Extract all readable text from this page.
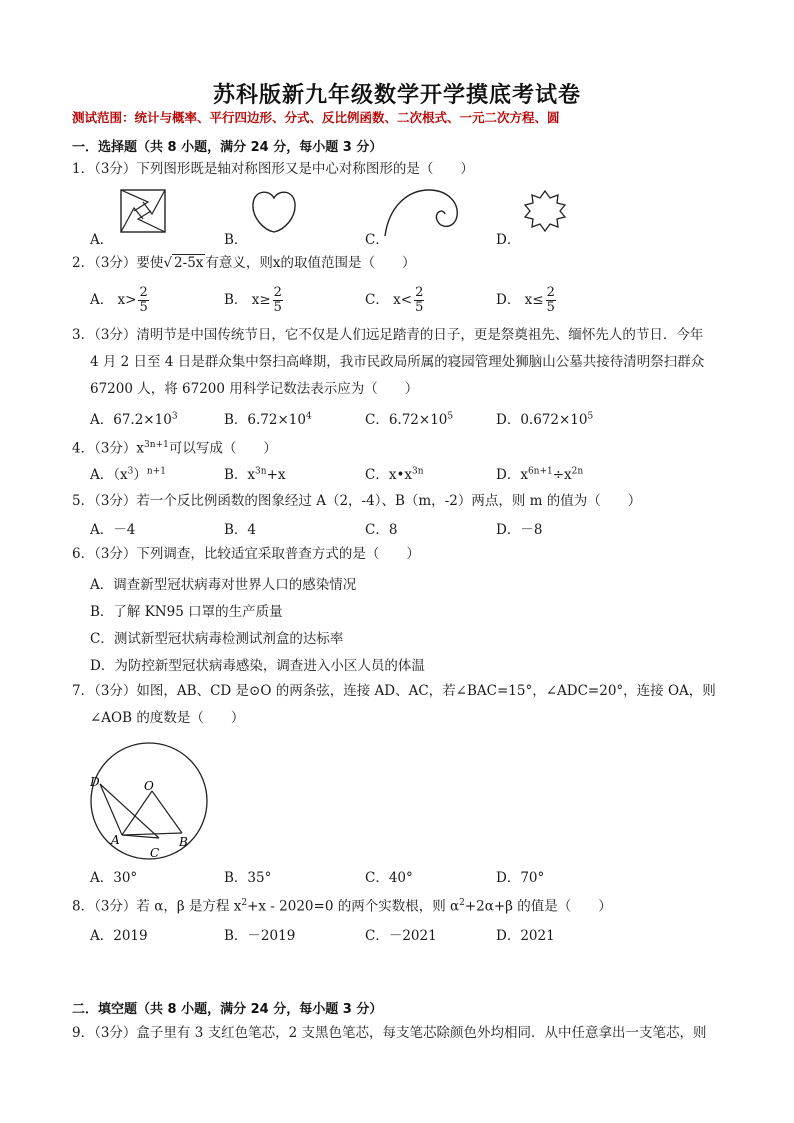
苏科版新九年级数学开学摸底考试卷
测试范围：统计与概率、平行四边形、分式、反比例函数、二次根式、一元二次方程、圆
一．选择题（共 8 小题，满分 24 分，每小题 3 分）
1．（3分）下列图形既是轴对称图形又是中心对称图形的是（　　）
A．	B．	C．	D．
2．（3分）要使√ 2-5x 有意义，则x的取值范围是（　　）
A． $x> \frac{2}{5}$	B． $x\ge \frac{2}{5}$	C． $x< \frac{2}{5}$	D． $x\le \frac{2}{5}$
3．（3分）清明节是中国传统节日，它不仅是人们远足踏青的日子，更是祭奠祖先、缅怀先人的节日．今年
4 月 2 日至 4 日是群众集中祭扫高峰期，我市民政局所属的寝园管理处狮脑山公墓共接待清明祭扫群众
67200 人，将 67200 用科学记数法表示应为（　　）
A．$67.2\times 10^3$	B．$6.72\times 10^4$	C．$6.72\times 10^5$	D．$0.672\times 10^5$
4．（3分）$x^{3n+1}$可以写成（　　）
A．$(x^3)^{n+1}$	B．$x^{3n}+x$	C．$x•x^{3n}$	D．$x^{6n+1}\div x^{2n}$
5．（3分）若一个反比例函数的图象经过 A（2，-4）、B（m，-2）两点，则 m 的值为（　　）
A．－4	B．4	C．8	D．－8
6．（3分）下列调查，比较适宜采取普查方式的是（　　）
A．调查新型冠状病毒对世界人口的感染情况
B．了解 KN95 口罩的生产质量
C．测试新型冠状病毒检测试剂盒的达标率
D．为防控新型冠状病毒感染，调查进入小区人员的体温
7．（3分）如图，AB、CD 是⊙O 的两条弦，连接 AD、AC，若∠BAC=15°，∠ADC=20°，连接 OA，则
∠AOB 的度数是（　　）
D	O
A
C
B
A．30°	B．35°	C．40°	D．70°
8．（3分）若 α，β 是方程 $x^2+x - 2020=0$ 的两个实数根，则 $\alpha^2+2\alpha+\beta$ 的值是（　　）
A．2019	B．－2019	C．－2021	D．2021
二．填空题（共 8 小题，满分 24 分，每小题 3 分）
9．（3分）盒子里有 3 支红色笔芯，2 支黑色笔芯，每支笔芯除颜色外均相同．从中任意拿出一支笔芯，则
